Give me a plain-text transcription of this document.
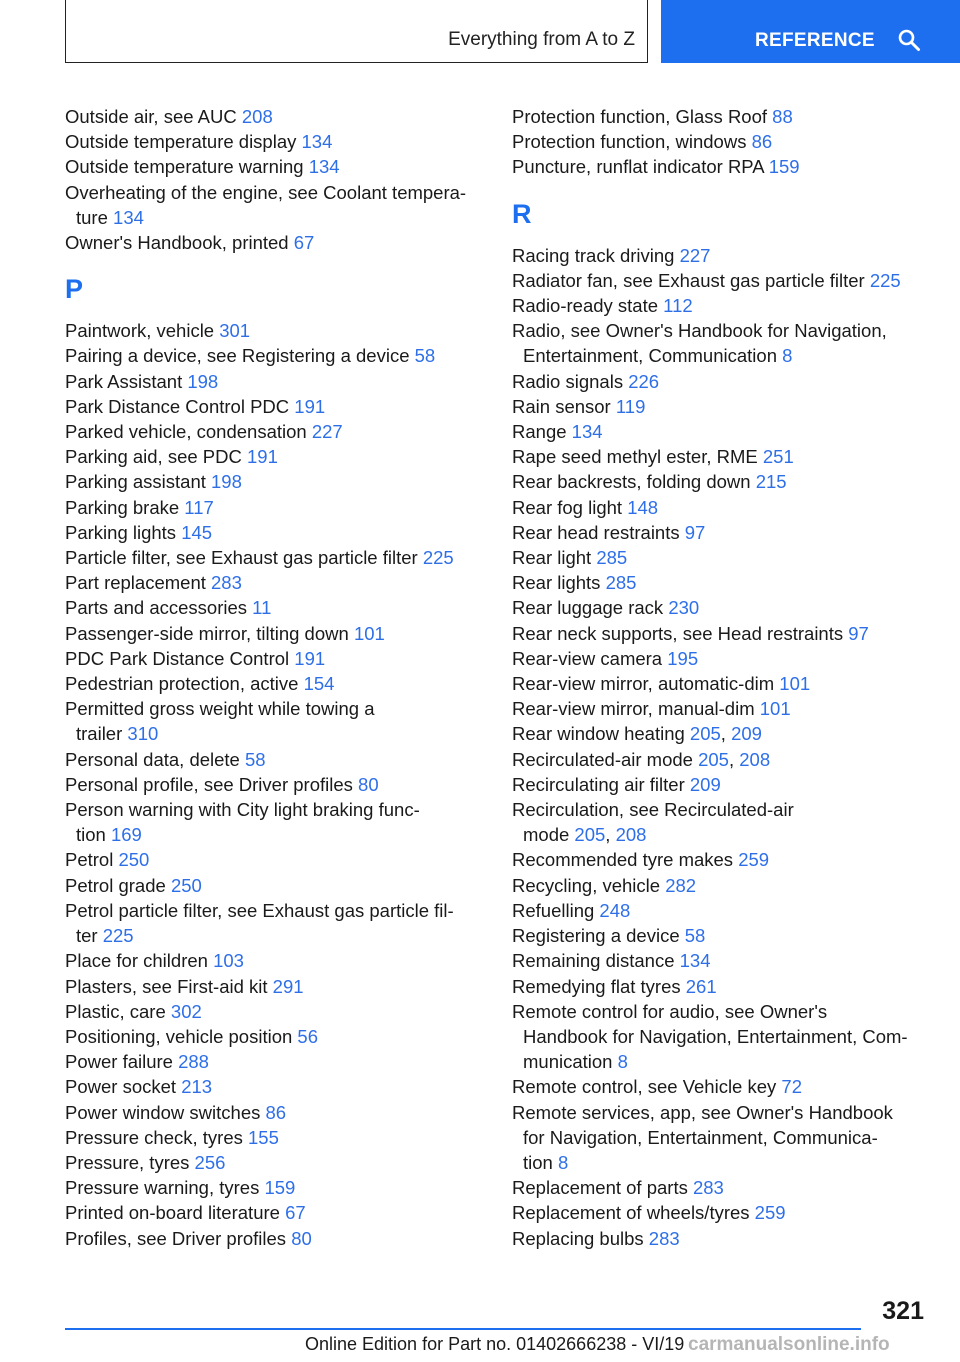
Everything from A to Z	REFERENCE
Outside air, see AUC 208
Outside temperature display 134
Outside temperature warning 134
Overheating of the engine, see Coolant tempera-
ture 134
Owner's Handbook, printed 67
P
Paintwork, vehicle 301
Pairing a device, see Registering a device 58
Park Assistant 198
Park Distance Control PDC 191
Parked vehicle, condensation 227
Parking aid, see PDC 191
Parking assistant 198
Parking brake 117
Parking lights 145
Particle filter, see Exhaust gas particle filter 225
Part replacement 283
Parts and accessories 11
Passenger-side mirror, tilting down 101
PDC Park Distance Control 191
Pedestrian protection, active 154
Permitted gross weight while towing a
trailer 310
Personal data, delete 58
Personal profile, see Driver profiles 80
Person warning with City light braking func-
tion 169
Petrol 250
Petrol grade 250
Petrol particle filter, see Exhaust gas particle fil-
ter 225
Place for children 103
Plasters, see First-aid kit 291
Plastic, care 302
Positioning, vehicle position 56
Power failure 288
Power socket 213
Power window switches 86
Pressure check, tyres 155
Pressure, tyres 256
Pressure warning, tyres 159
Printed on-board literature 67
Profiles, see Driver profiles 80
Protection function, Glass Roof 88
Protection function, windows 86
Puncture, runflat indicator RPA 159
R
Racing track driving 227
Radiator fan, see Exhaust gas particle filter 225
Radio-ready state 112
Radio, see Owner's Handbook for Navigation,
Entertainment, Communication 8
Radio signals 226
Rain sensor 119
Range 134
Rape seed methyl ester, RME 251
Rear backrests, folding down 215
Rear fog light 148
Rear head restraints 97
Rear light 285
Rear lights 285
Rear luggage rack 230
Rear neck supports, see Head restraints 97
Rear-view camera 195
Rear-view mirror, automatic-dim 101
Rear-view mirror, manual-dim 101
Rear window heating 205, 209
Recirculated-air mode 205, 208
Recirculating air filter 209
Recirculation, see Recirculated-air
mode 205, 208
Recommended tyre makes 259
Recycling, vehicle 282
Refuelling 248
Registering a device 58
Remaining distance 134
Remedying flat tyres 261
Remote control for audio, see Owner's
Handbook for Navigation, Entertainment, Com-
munication 8
Remote control, see Vehicle key 72
Remote services, app, see Owner's Handbook
for Navigation, Entertainment, Communica-
tion 8
Replacement of parts 283
Replacement of wheels/tyres 259
Replacing bulbs 283
321
Online Edition for Part no. 01402666238 - VI/19 carmanualsonline.info
